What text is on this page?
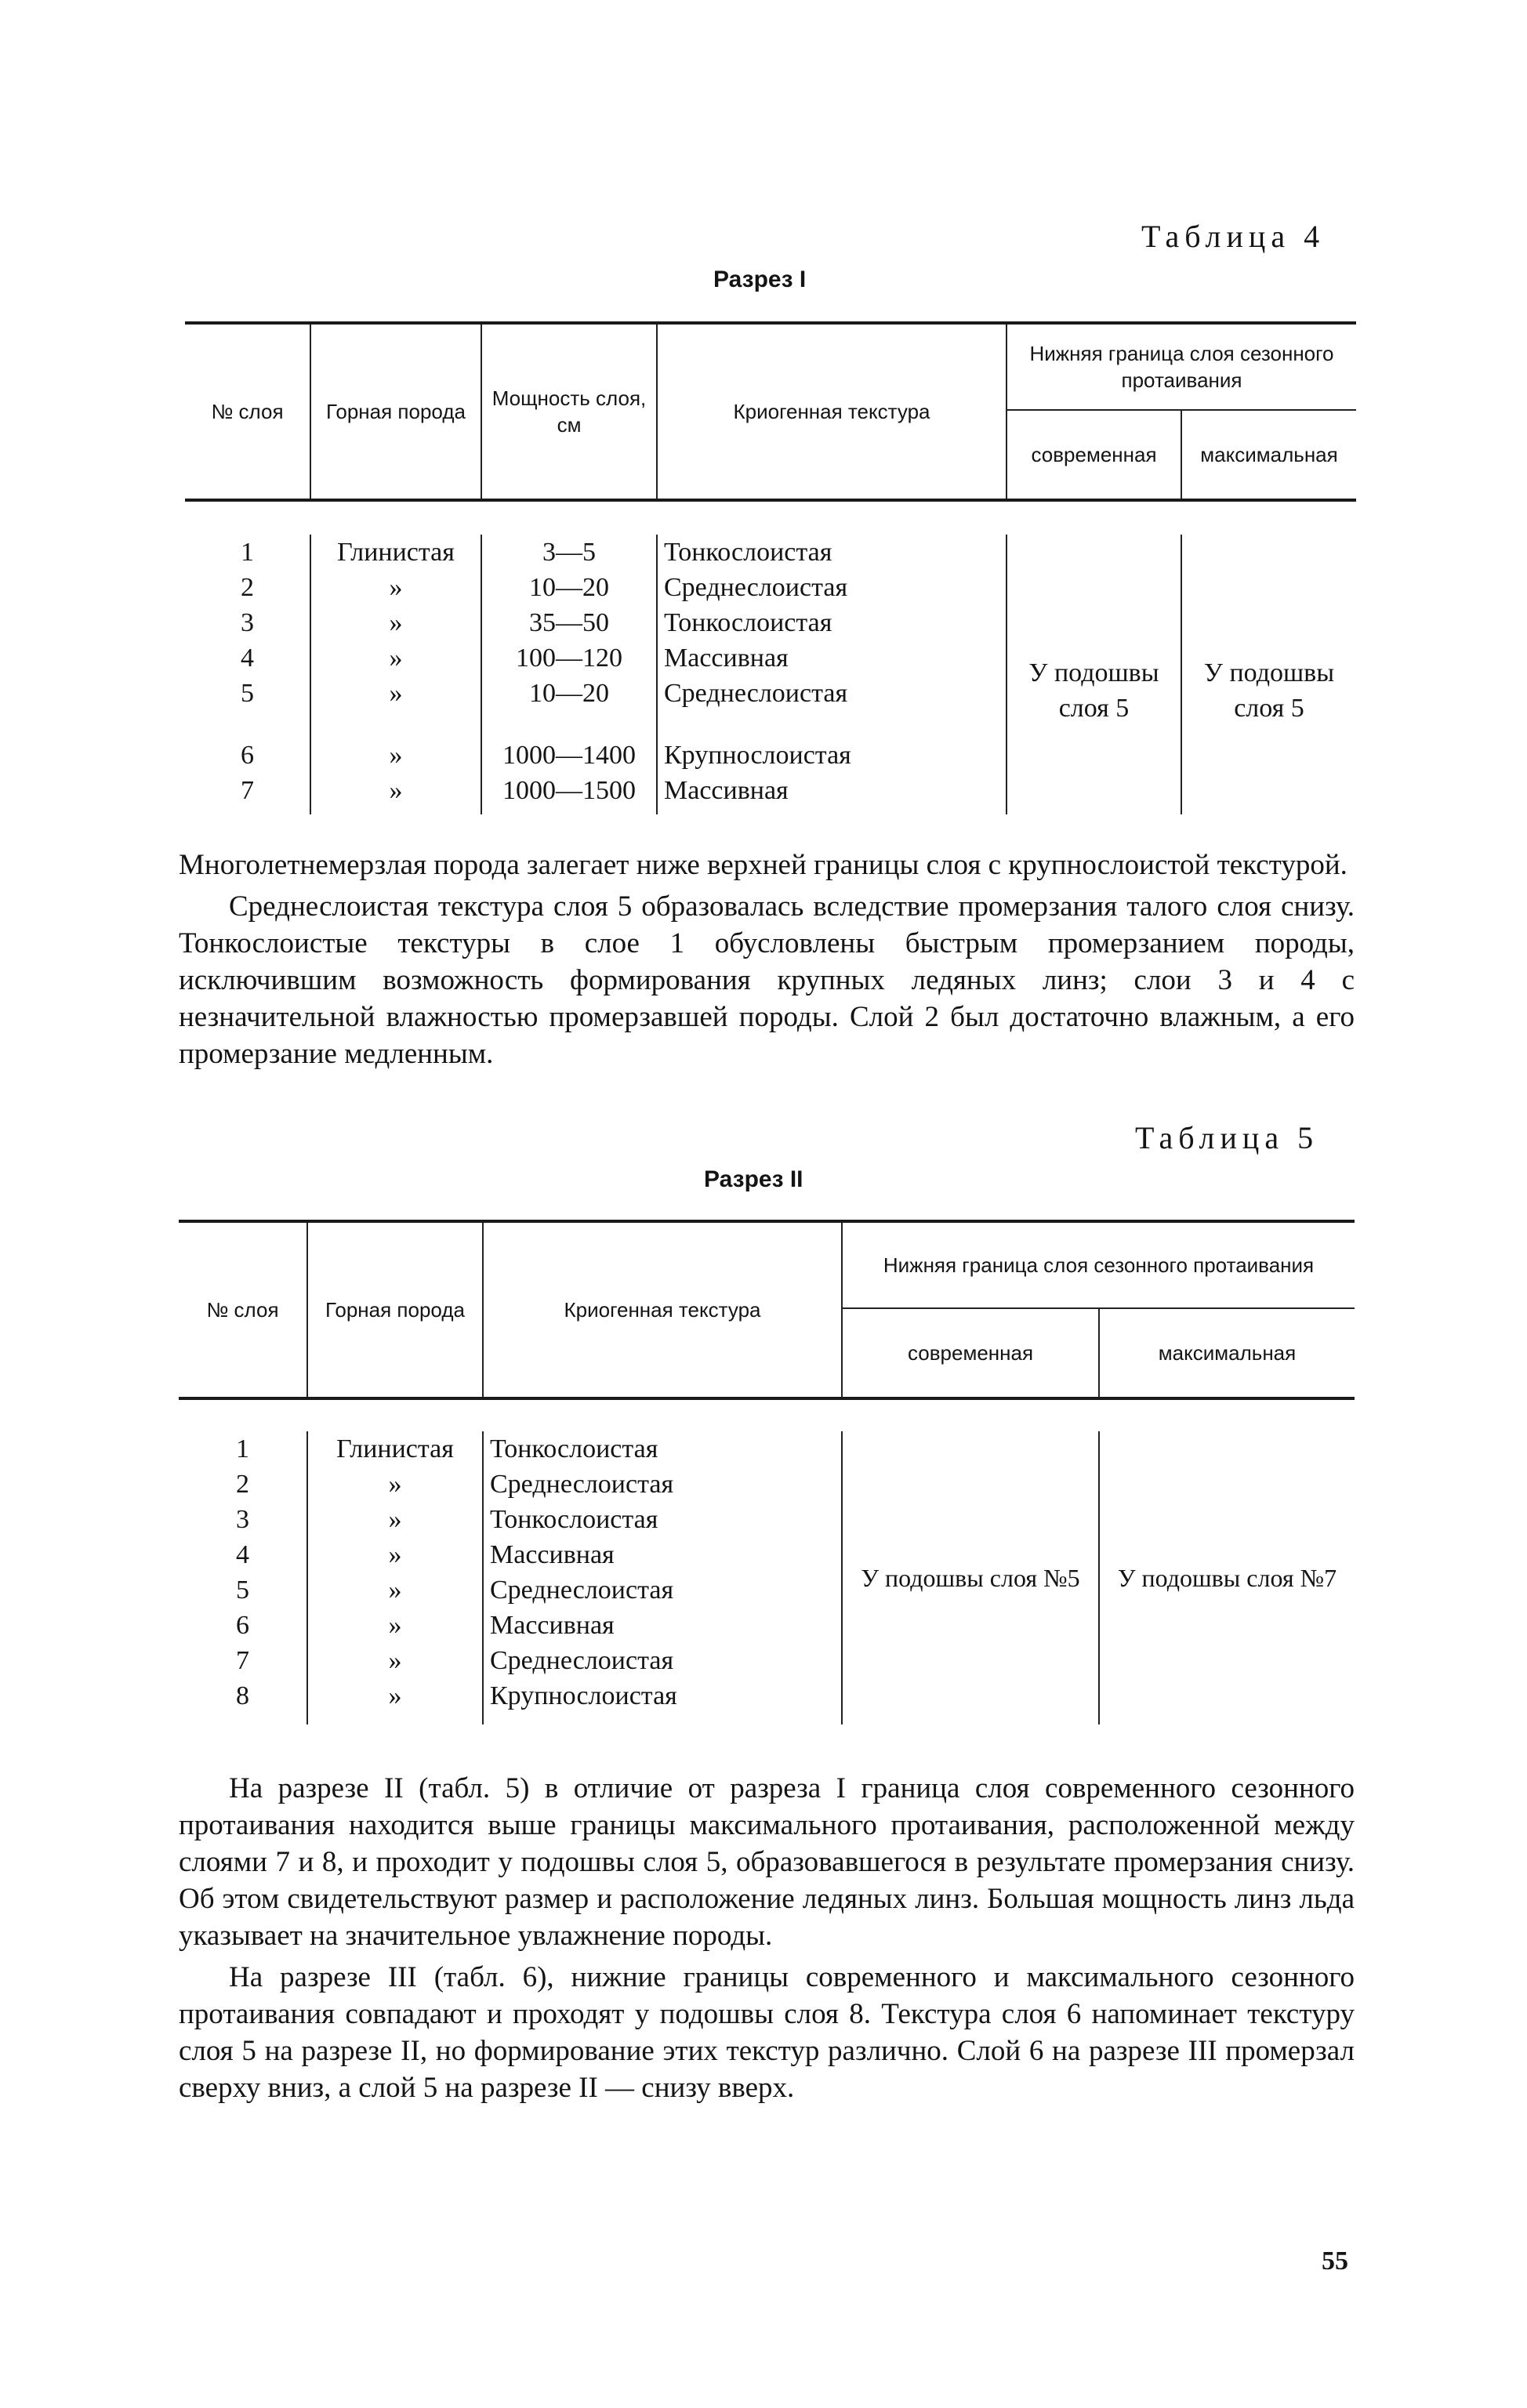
Таблица 4
Разрез I
№ слоя	Горная порода	Мощность слоя, см	Криогенная текстура	Нижняя граница слоя сезонного протаивания	
				современная	максимальная

1	Глинистая	3—5	Тонкослоистая	У подошвы слоя 5	У подошвы слоя 5
2	»	10—20	Среднеслоистая		
3	»	35—50	Тонкослоистая		
4	»	100—120	Массивная		
5	»	10—20	Среднеслоистая		

6	»	1000—1400	Крупнослоистая		
7	»	1000—1500	Массивная		

Многолетнемерзлая порода залегает ниже верхней границы слоя с крупнослоистой текстурой.

Среднеслоистая текстура слоя 5 образовалась вследствие промерзания талого слоя снизу. Тонкослоистые текстуры в слое 1 обусловлены быстрым промерзанием породы, исключившим возможность формирования крупных ледяных линз; слои 3 и 4 с незначительной влажностью промерзавшей породы. Слой 2 был достаточно влажным, а его промерзание медленным.

Таблица 5
Разрез II
№ слоя	Горная порода	Криогенная текстура	Нижняя граница слоя сезонного протаивания	
			современная	максимальная

1	Глинистая	Тонкослоистая	У подошвы слоя №5	У подошвы слоя №7
2	»	Среднеслоистая		
3	»	Тонкослоистая		
4	»	Массивная		
5	»	Среднеслоистая		
6	»	Массивная		
7	»	Среднеслоистая		
8	»	Крупнослоистая		

На разрезе II (табл. 5) в отличие от разреза I граница слоя современного сезонного протаивания находится выше границы максимального протаивания, расположенной между слоями 7 и 8, и проходит у подошвы слоя 5, образовавшегося в результате промерзания снизу. Об этом свидетельствуют размер и расположение ледяных линз. Большая мощность линз льда указывает на значительное увлажнение породы.

На разрезе III (табл. 6), нижние границы современного и максимального сезонного протаивания совпадают и проходят у подошвы слоя 8. Текстура слоя 6 напоминает текстуру слоя 5 на разрезе II, но формирование этих текстур различно. Слой 6 на разрезе III промерзал сверху вниз, а слой 5 на разрезе II — снизу вверх.

55
